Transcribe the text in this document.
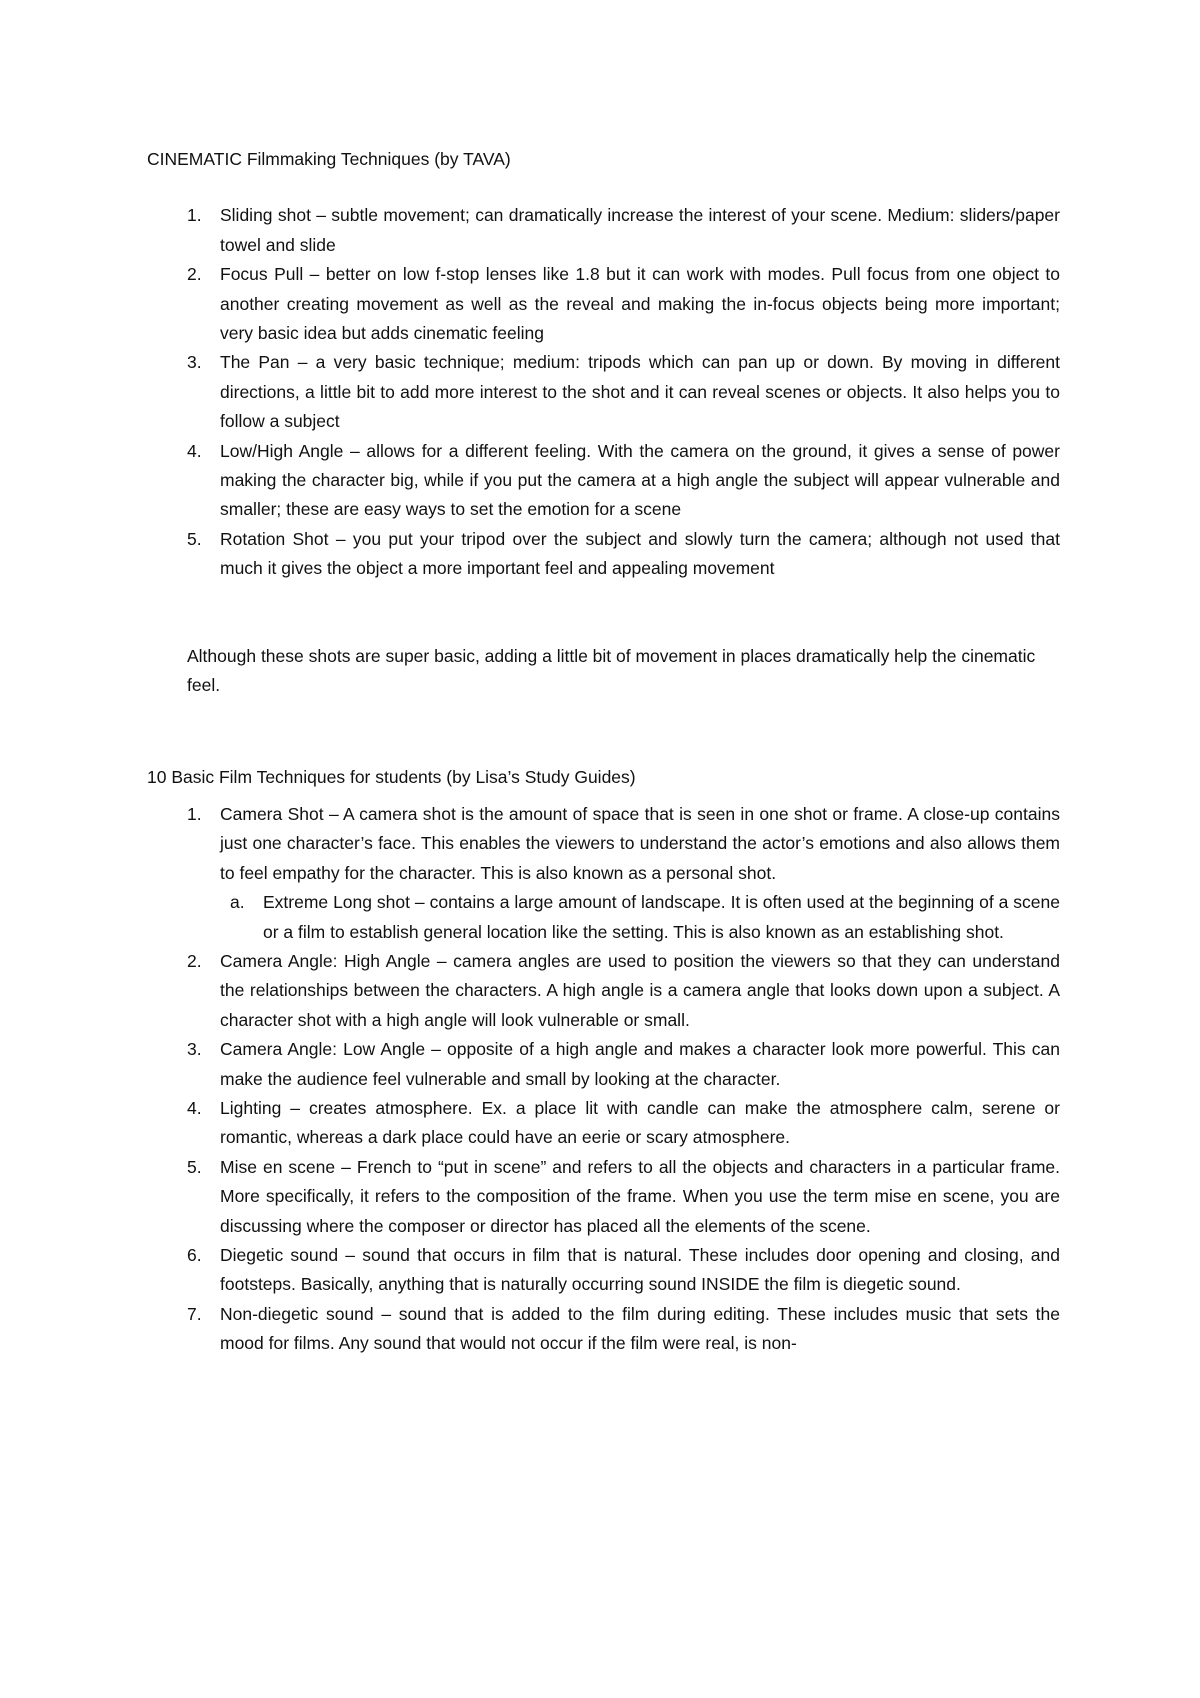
CINEMATIC Filmmaking Techniques (by TAVA)

1.	Sliding shot – subtle movement; can dramatically increase the interest of your scene. Medium: sliders/paper towel and slide
2.	Focus Pull – better on low f-stop lenses like 1.8 but it can work with modes. Pull focus from one object to another creating movement as well as the reveal and making the in-focus objects being more important; very basic idea but adds cinematic feeling
3.	The Pan – a very basic technique; medium: tripods which can pan up or down. By moving in different directions, a little bit to add more interest to the shot and it can reveal scenes or objects. It also helps you to follow a subject
4.	Low/High Angle – allows for a different feeling. With the camera on the ground, it gives a sense of power making the character big, while if you put the camera at a high angle the subject will appear vulnerable and smaller; these are easy ways to set the emotion for a scene
5.	Rotation Shot – you put your tripod over the subject and slowly turn the camera; although not used that much it gives the object a more important feel and appealing movement

Although these shots are super basic, adding a little bit of movement in places dramatically help the cinematic feel.

10 Basic Film Techniques for students (by Lisa’s Study Guides)

1.	Camera Shot – A camera shot is the amount of space that is seen in one shot or frame. A close-up contains just one character’s face. This enables the viewers to understand the actor’s emotions and also allows them to feel empathy for the character. This is also known as a personal shot.
a. Extreme Long shot – contains a large amount of landscape. It is often used at the beginning of a scene or a film to establish general location like the setting. This is also known as an establishing shot.
2.	Camera Angle: High Angle – camera angles are used to position the viewers so that they can understand the relationships between the characters. A high angle is a camera angle that looks down upon a subject. A character shot with a high angle will look vulnerable or small.
3.	Camera Angle: Low Angle – opposite of a high angle and makes a character look more powerful. This can make the audience feel vulnerable and small by looking at the character.
4.	Lighting – creates atmosphere. Ex. a place lit with candle can make the atmosphere calm, serene or romantic, whereas a dark place could have an eerie or scary atmosphere.
5.	Mise en scene – French to “put in scene” and refers to all the objects and characters in a particular frame. More specifically, it refers to the composition of the frame. When you use the term mise en scene, you are discussing where the composer or director has placed all the elements of the scene.
6.	Diegetic sound – sound that occurs in film that is natural. These includes door opening and closing, and footsteps. Basically, anything that is naturally occurring sound INSIDE the film is diegetic sound.
7.	Non-diegetic sound – sound that is added to the film during editing. These includes music that sets the mood for films. Any sound that would not occur if the film were real, is non-
